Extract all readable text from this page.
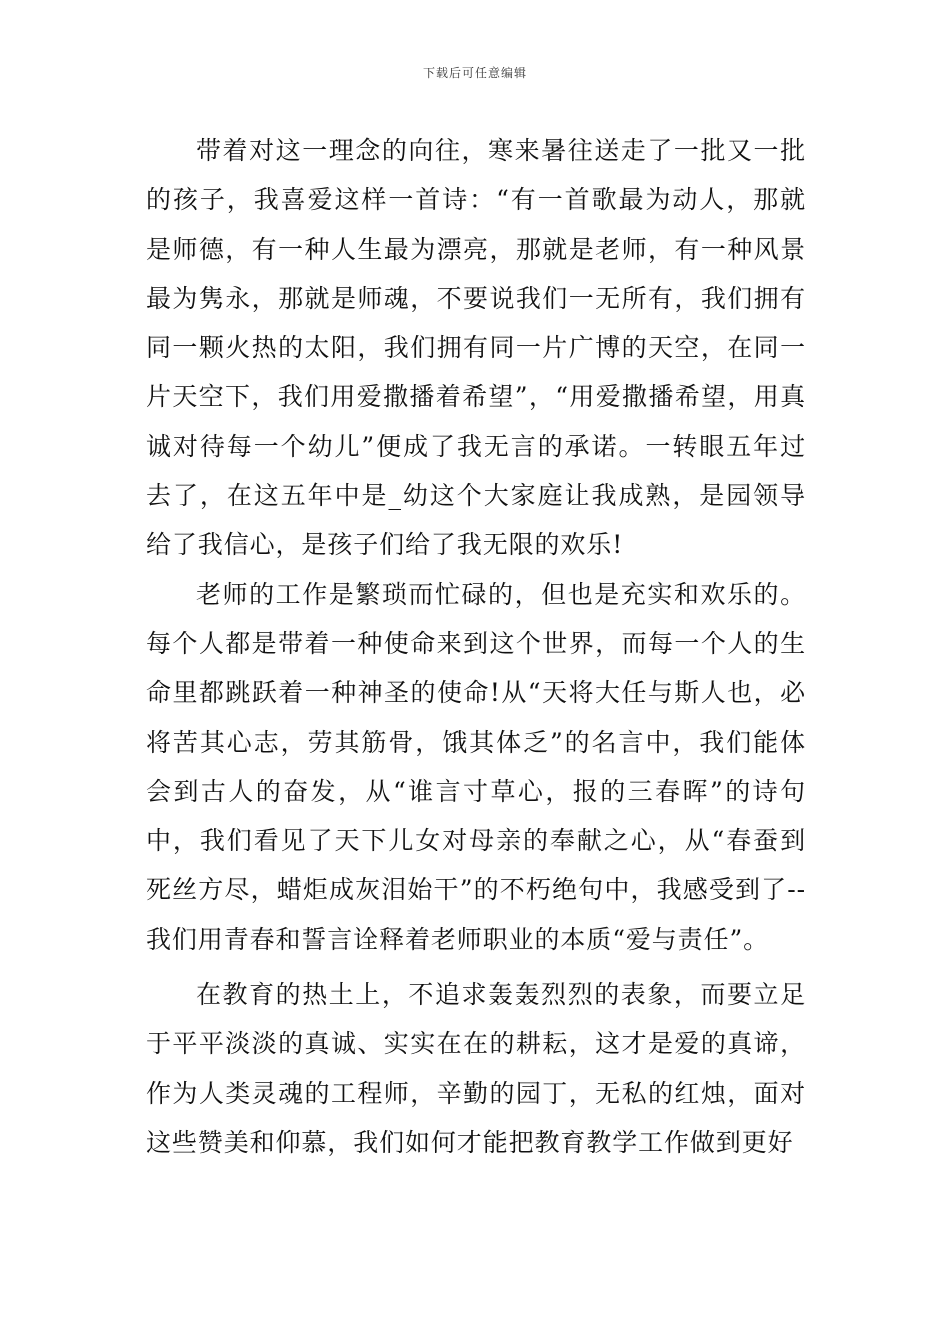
下载后可任意编辑

带着对这一理念的向往，寒来暑往送走了一批又一批的孩子，我喜爱这样一首诗：“有一首歌最为动人，那就是师德，有一种人生最为漂亮，那就是老师，有一种风景最为隽永，那就是师魂，不要说我们一无所有，我们拥有同一颗火热的太阳，我们拥有同一片广博的天空，在同一片天空下，我们用爱撒播着希望”，“用爱撒播希望，用真诚对待每一个幼儿”便成了我无言的承诺。一转眼五年过去了，在这五年中是_幼这个大家庭让我成熟，是园领导给了我信心，是孩子们给了我无限的欢乐!

老师的工作是繁琐而忙碌的，但也是充实和欢乐的。每个人都是带着一种使命来到这个世界，而每一个人的生命里都跳跃着一种神圣的使命!从“天将大任与斯人也，必将苦其心志，劳其筋骨，饿其体乏”的名言中，我们能体会到古人的奋发，从“谁言寸草心，报的三春晖”的诗句中，我们看见了天下儿女对母亲的奉献之心，从“春蚕到死丝方尽，蜡炬成灰泪始干”的不朽绝句中，我感受到了--我们用青春和誓言诠释着老师职业的本质“爱与责任”。

在教育的热土上，不追求轰轰烈烈的表象，而要立足于平平淡淡的真诚、实实在在的耕耘，这才是爱的真谛，作为人类灵魂的工程师，辛勤的园丁，无私的红烛，面对这些赞美和仰慕，我们如何才能把教育教学工作做到更好
